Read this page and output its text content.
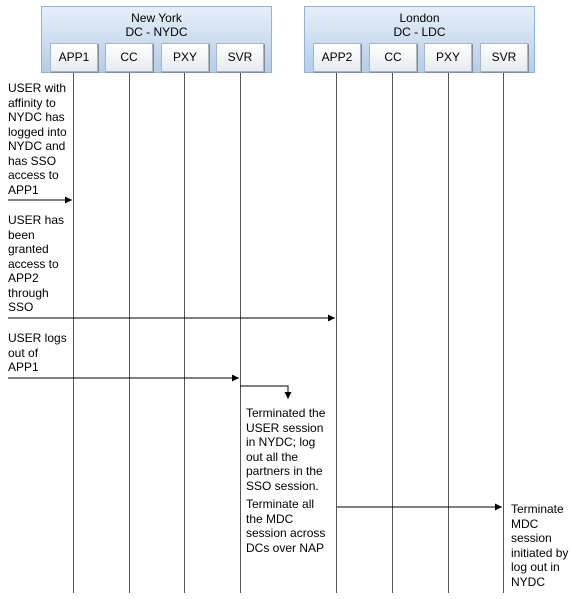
New York
DC - NYDC
APP1	CC	PXY	SVR
London
DC - LDC
APP2	CC	PXY	SVR
USER with
affinity to
NYDC has
logged into
NYDC and
has SSO
access to
APP1
USER has
been
granted
access to
APP2
through
SSO
USER logs
out of
APP1
Terminated the
USER session
in NYDC; log
out all the
partners in the
SSO session.
Terminate all
the MDC
session across
DCs over NAP
Terminate
MDC
session
initiated by
log out in
NYDC
